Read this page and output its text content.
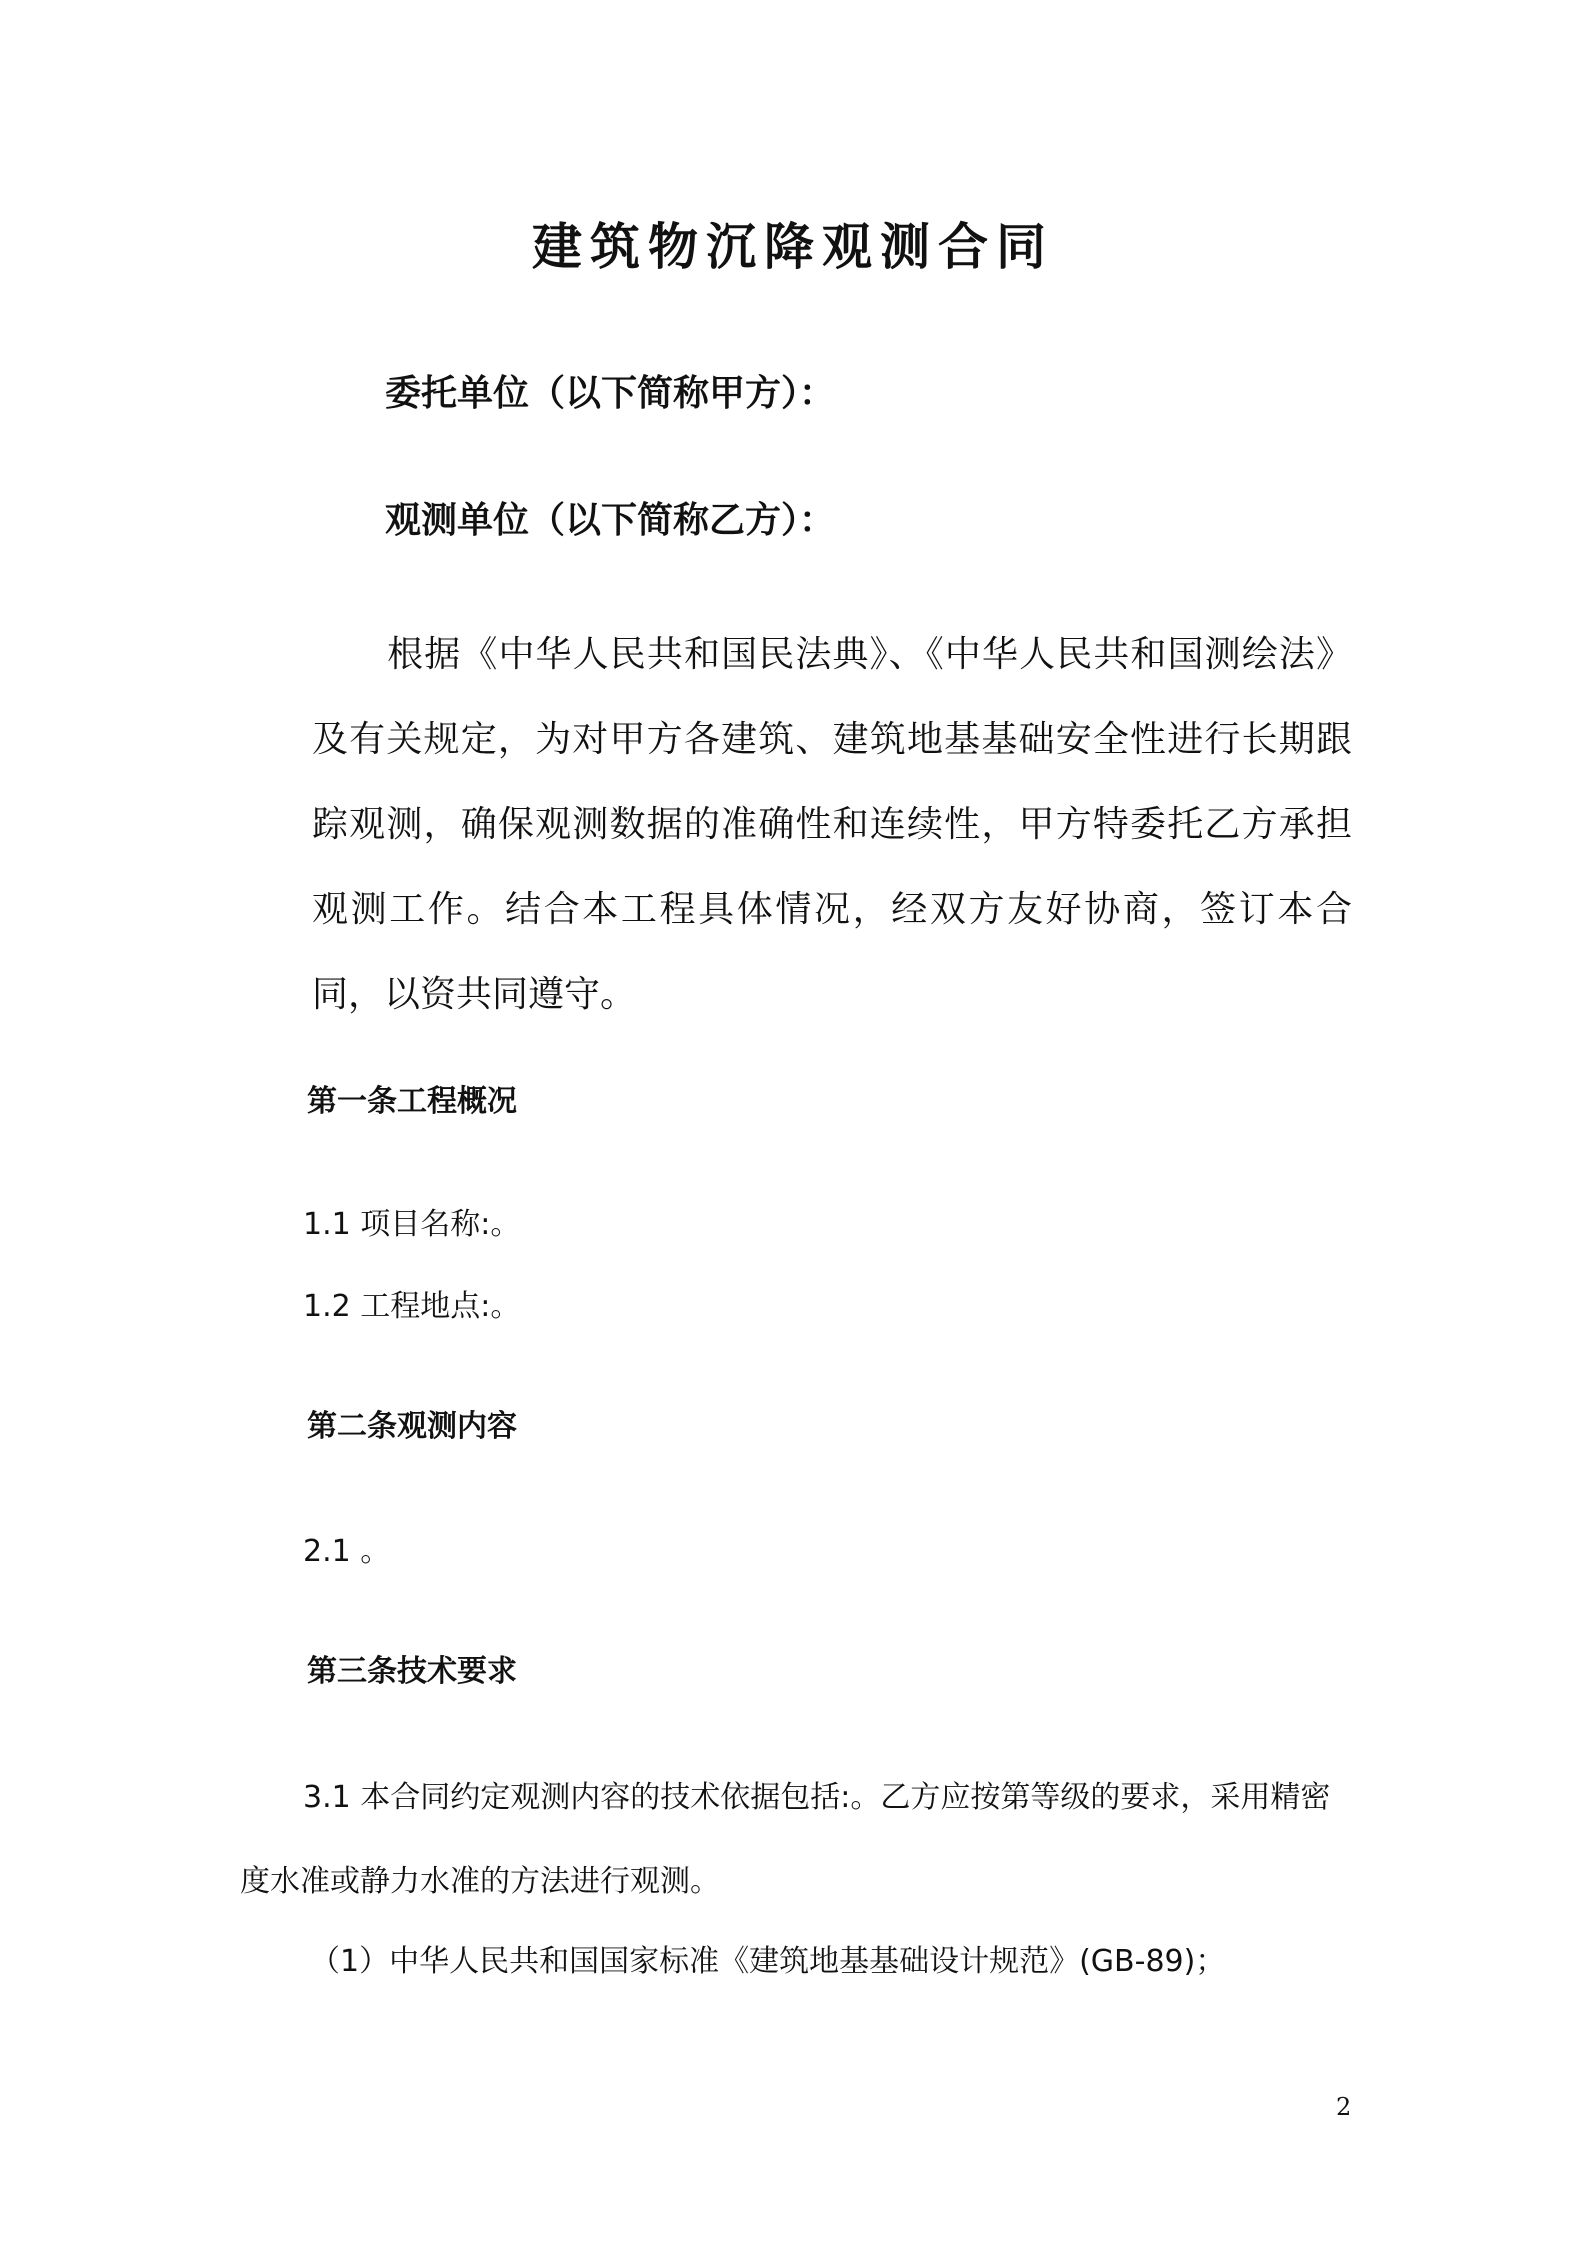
建筑物沉降观测合同
委托单位（以下简称甲方）：
观测单位（以下简称乙方）：
根据《中华人民共和国民法典》、《中华人民共和国测绘法》及有关规定，为对甲方各建筑、建筑地基基础安全性进行长期跟踪观测，确保观测数据的准确性和连续性，甲方特委托乙方承担观测工作。结合本工程具体情况，经双方友好协商，签订本合同，以资共同遵守。
第一条工程概况
1.1 项目名称:。
1.2 工程地点:。
第二条观测内容
2.1 。
第三条技术要求
3.1 本合同约定观测内容的技术依据包括:。乙方应按第等级的要求，采用精密度水准或静力水准的方法进行观测。
（1）中华人民共和国国家标准《建筑地基基础设计规范》(GB-89)；
2
